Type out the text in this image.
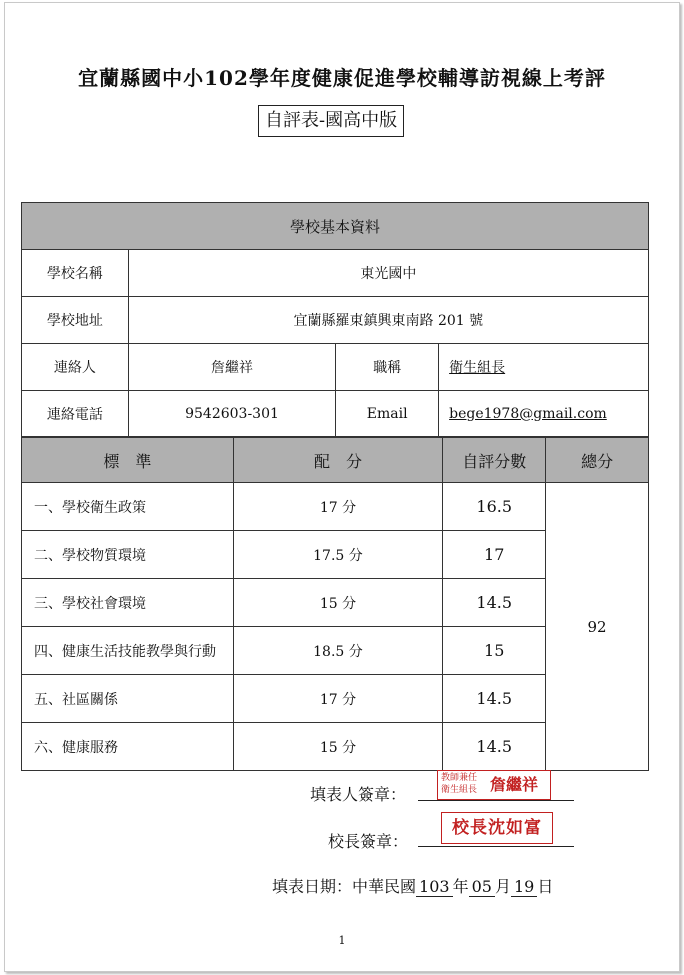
宜蘭縣國中小102學年度健康促進學校輔導訪視線上考評
自評表-國高中版
學校基本資料			
學校名稱	東光國中		
學校地址	宜蘭縣羅東鎮興東南路 201 號		
連絡人	詹繼祥	職稱	衛生組長
連絡電話	9542603-301	Email	bege1978@gmail.com
標　準	配　分	自評分數	總分
一、學校衛生政策	17 分	16.5	92
二、學校物質環境	17.5 分	17	
三、學校社會環境	15 分	14.5	
四、健康生活技能教學與行動	18.5 分	15	
五、社區關係	17 分	14.5	
六、健康服務	15 分	14.5	
填表人簽章：
教師兼任
衛生組長 詹繼祥
校長簽章：
校長沈如富
填表日期：中華民國 103 年 05 月 19 日
1
